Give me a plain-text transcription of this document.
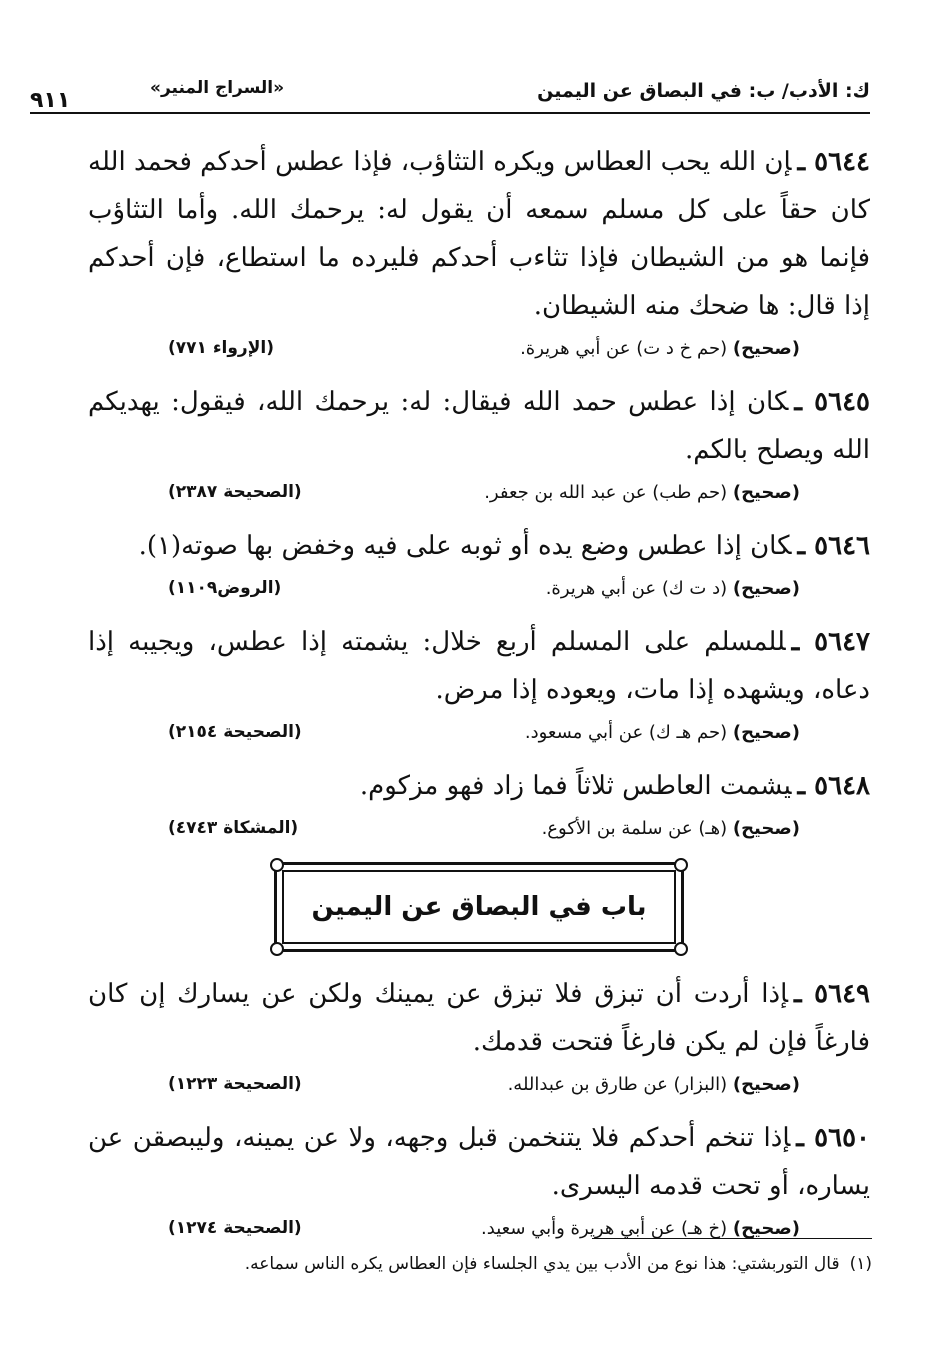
ك: الأدب/ ب: في البصاق عن اليمين
«السراج المنير»
٩١١
٥٦٤٤ ـإن الله يحب العطاس ويكره التثاؤب، فإذا عطس أحدكم فحمد الله كان حقاً على كل مسلم سمعه أن يقول له: يرحمك الله. وأما التثاؤب فإنما هو من الشيطان فإذا تثاءب أحدكم فليرده ما استطاع، فإن أحدكم إذا قال: ها ضحك منه الشيطان.
(صحيح) (حم خ د ت) عن أبي هريرة.
(الإرواء ٧٧١)
٥٦٤٥ ـكان إذا عطس حمد الله فيقال: له: يرحمك الله، فيقول: يهديكم الله ويصلح بالكم.
(صحيح) (حم طب) عن عبد الله بن جعفر.
(الصحيحة ٢٣٨٧)
٥٦٤٦ ـكان إذا عطس وضع يده أو ثوبه على فيه وخفض بها صوته(١).
(صحيح) (د ت ك) عن أبي هريرة.
(الروض١١٠٩)
٥٦٤٧ ـللمسلم على المسلم أربع خلال: يشمته إذا عطس، ويجيبه إذا دعاه، ويشهده إذا مات، ويعوده إذا مرض.
(صحيح) (حم هـ ك) عن أبي مسعود.
(الصحيحة ٢١٥٤)
٥٦٤٨ ـيشمت العاطس ثلاثاً فما زاد فهو مزكوم.
(صحيح) (هـ) عن سلمة بن الأكوع.
(المشكاة ٤٧٤٣)
باب في البصاق عن اليمين
٥٦٤٩ ـإذا أردت أن تبزق فلا تبزق عن يمينك ولكن عن يسارك إن كان فارغاً فإن لم يكن فارغاً فتحت قدمك.
(صحيح) (البزار) عن طارق بن عبدالله.
(الصحيحة ١٢٢٣)
٥٦٥٠ ـإذا تنخم أحدكم فلا يتنخمن قبل وجهه، ولا عن يمينه، وليبصقن عن يساره، أو تحت قدمه اليسرى.
(صحيح) (خ هـ) عن أبي هريرة وأبي سعيد.
(الصحيحة ١٢٧٤)
(١)قال التوربشتي: هذا نوع من الأدب بين يدي الجلساء فإن العطاس يكره الناس سماعه.
